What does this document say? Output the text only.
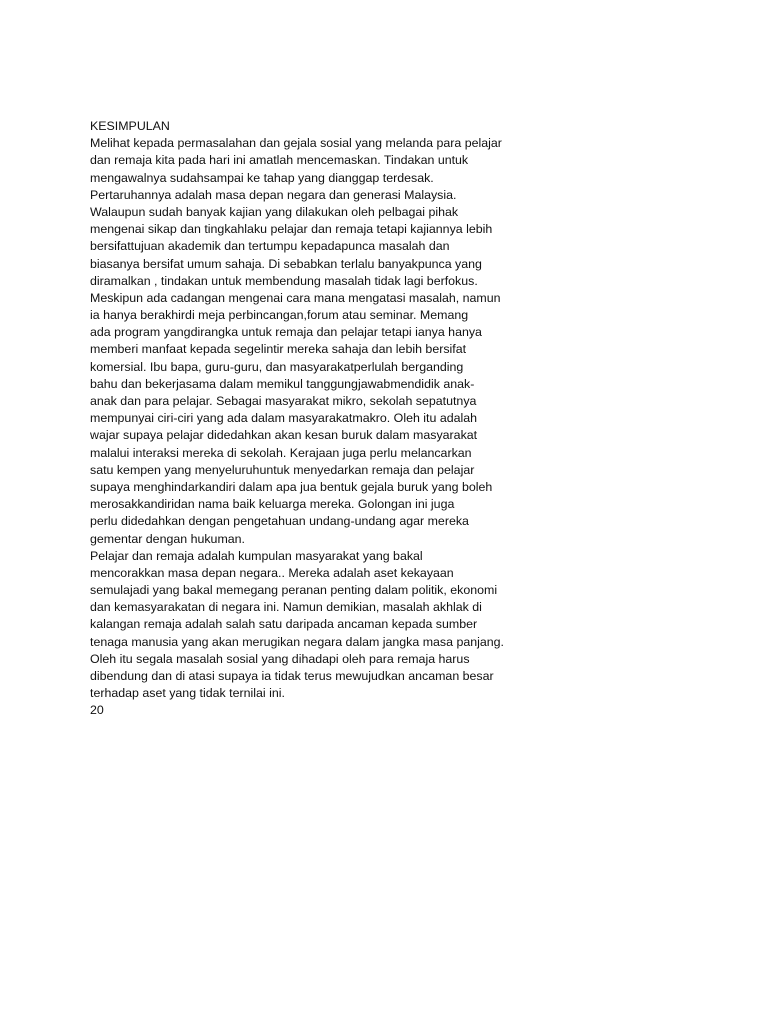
KESIMPULAN
Melihat kepada permasalahan dan gejala sosial yang melanda para pelajar
dan remaja kita pada hari ini amatlah mencemaskan. Tindakan untuk
mengawalnya sudahsampai ke tahap yang dianggap terdesak.
Pertaruhannya adalah masa depan negara dan generasi Malaysia.
Walaupun sudah banyak kajian yang dilakukan oleh pelbagai pihak
mengenai sikap dan tingkahlaku pelajar dan remaja tetapi kajiannya lebih
bersifattujuan akademik dan tertumpu kepadapunca masalah dan
biasanya bersifat umum sahaja. Di sebabkan terlalu banyakpunca yang
diramalkan , tindakan untuk membendung masalah tidak lagi berfokus.
Meskipun ada cadangan mengenai cara mana mengatasi masalah, namun
ia hanya berakhirdi meja perbincangan,forum atau seminar. Memang
ada program yangdirangka untuk remaja dan pelajar tetapi ianya hanya
memberi manfaat kepada segelintir mereka sahaja dan lebih bersifat
komersial. Ibu bapa, guru-guru, dan masyarakatperlulah berganding
bahu dan bekerjasama dalam memikul tanggungjawabmendidik anak-
anak dan para pelajar. Sebagai masyarakat mikro, sekolah sepatutnya
mempunyai ciri-ciri yang ada dalam masyarakatmakro. Oleh itu adalah
wajar supaya pelajar didedahkan akan kesan buruk dalam masyarakat
malalui interaksi mereka di sekolah. Kerajaan juga perlu melancarkan
satu kempen yang menyeluruhuntuk menyedarkan remaja dan pelajar
supaya menghindarkandiri dalam apa jua bentuk gejala buruk yang boleh
merosakkandiridan nama baik keluarga mereka. Golongan ini juga
perlu didedahkan dengan pengetahuan undang-undang agar mereka
gementar dengan hukuman.
Pelajar dan remaja adalah kumpulan masyarakat yang bakal
mencorakkan masa depan negara.. Mereka adalah aset kekayaan
semulajadi yang bakal memegang peranan penting dalam politik, ekonomi
dan kemasyarakatan di negara ini. Namun demikian, masalah akhlak di
kalangan remaja adalah salah satu daripada ancaman kepada sumber
tenaga manusia yang akan merugikan negara dalam jangka masa panjang.
Oleh itu segala masalah sosial yang dihadapi oleh para remaja harus
dibendung dan di atasi supaya ia tidak terus mewujudkan ancaman besar
terhadap aset yang tidak ternilai ini.
20
